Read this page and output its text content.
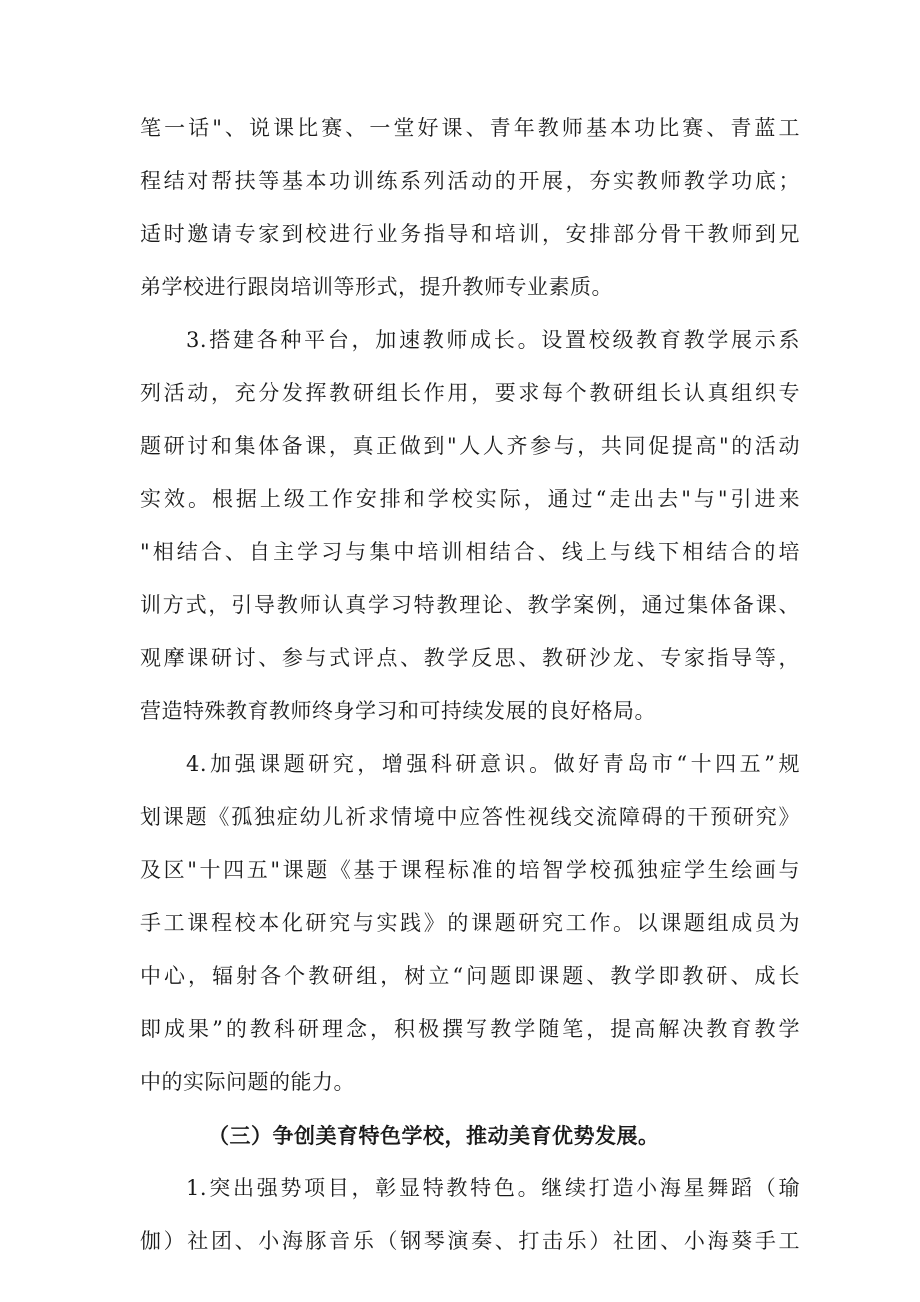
笔一话"、说课比赛、一堂好课、青年教师基本功比赛、青蓝工
程结对帮扶等基本功训练系列活动的开展，夯实教师教学功底；
适时邀请专家到校进行业务指导和培训，安排部分骨干教师到兄
弟学校进行跟岗培训等形式，提升教师专业素质。
3.搭建各种平台，加速教师成长。设置校级教育教学展示系
列活动，充分发挥教研组长作用，要求每个教研组长认真组织专
题研讨和集体备课，真正做到"人人齐参与，共同促提高"的活动
实效。根据上级工作安排和学校实际，通过“走出去"与"引进来
"相结合、自主学习与集中培训相结合、线上与线下相结合的培
训方式，引导教师认真学习特教理论、教学案例，通过集体备课、
观摩课研讨、参与式评点、教学反思、教研沙龙、专家指导等，
营造特殊教育教师终身学习和可持续发展的良好格局。
4.加强课题研究，增强科研意识。做好青岛市“十四五”规
划课题《孤独症幼儿祈求情境中应答性视线交流障碍的干预研究》
及区"十四五"课题《基于课程标准的培智学校孤独症学生绘画与
手工课程校本化研究与实践》的课题研究工作。以课题组成员为
中心，辐射各个教研组，树立“问题即课题、教学即教研、成长
即成果”的教科研理念，积极撰写教学随笔，提高解决教育教学
中的实际问题的能力。
（三）争创美育特色学校，推动美育优势发展。
1.突出强势项目，彰显特教特色。继续打造小海星舞蹈（瑜
伽）社团、小海豚音乐（钢琴演奏、打击乐）社团、小海葵手工
